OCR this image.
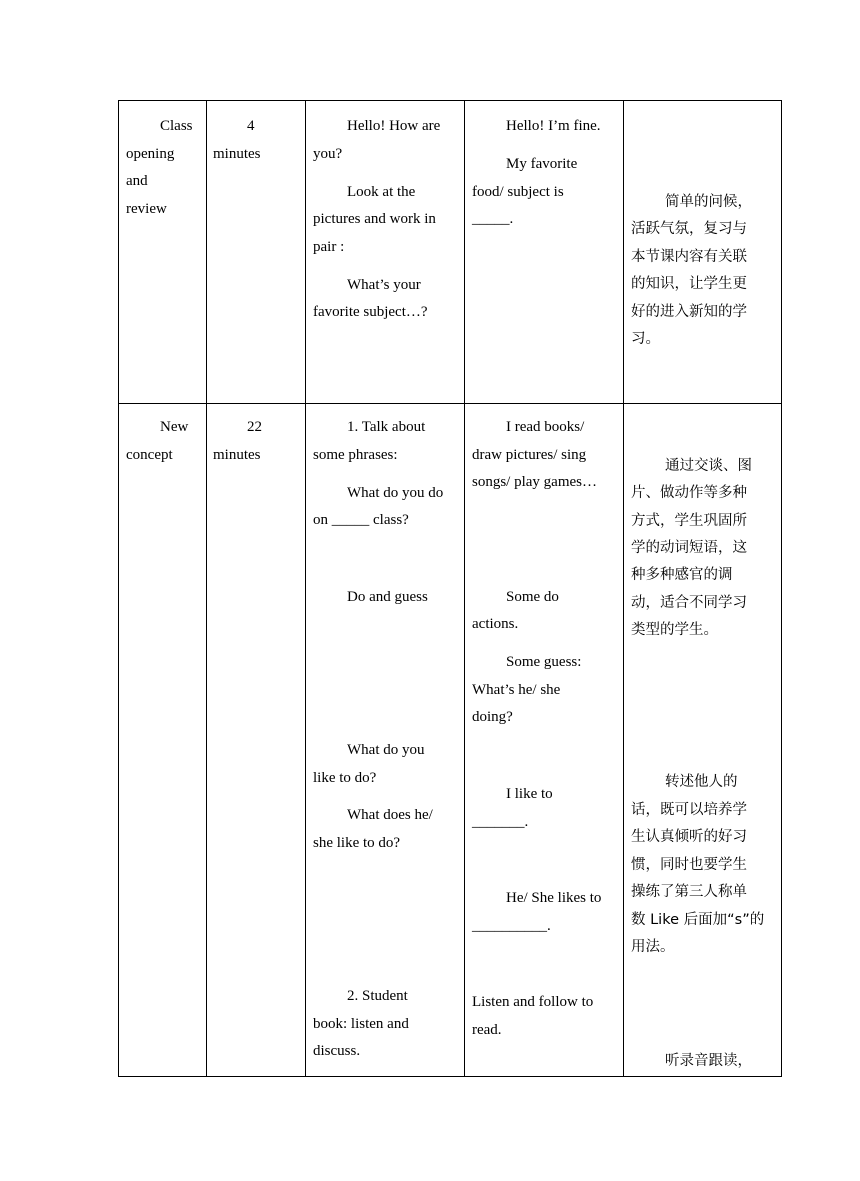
Class
opening
and
review
4
minutes
Hello! How are
you?
Look at the
pictures and work in
pair :
What’s your
favorite subject…?
Hello! I’m fine.
My favorite
food/ subject is
_____.
简单的问候，
活跃气氛，复习与
本节课内容有关联
的知识，让学生更
好的进入新知的学
习。
New
concept
22
minutes
1. Talk about
some phrases:
What do you do
on _____ class?
Do and guess
What do you
like to do?
What does he/
she like to do?
2. Student
book: listen and
discuss.
I read books/
draw pictures/ sing
songs/ play games…
Some do
actions.
Some guess:
What’s he/ she
doing?
I like to
_______.
He/ She likes to
__________.
Listen and follow to
read.
通过交谈、图
片、做动作等多种
方式，学生巩固所
学的动词短语，这
种多种感官的调
动，适合不同学习
类型的学生。
转述他人的
话，既可以培养学
生认真倾听的好习
惯，同时也要学生
操练了第三人称单
数 Like 后面加“s”的
用法。
听录音跟读，
